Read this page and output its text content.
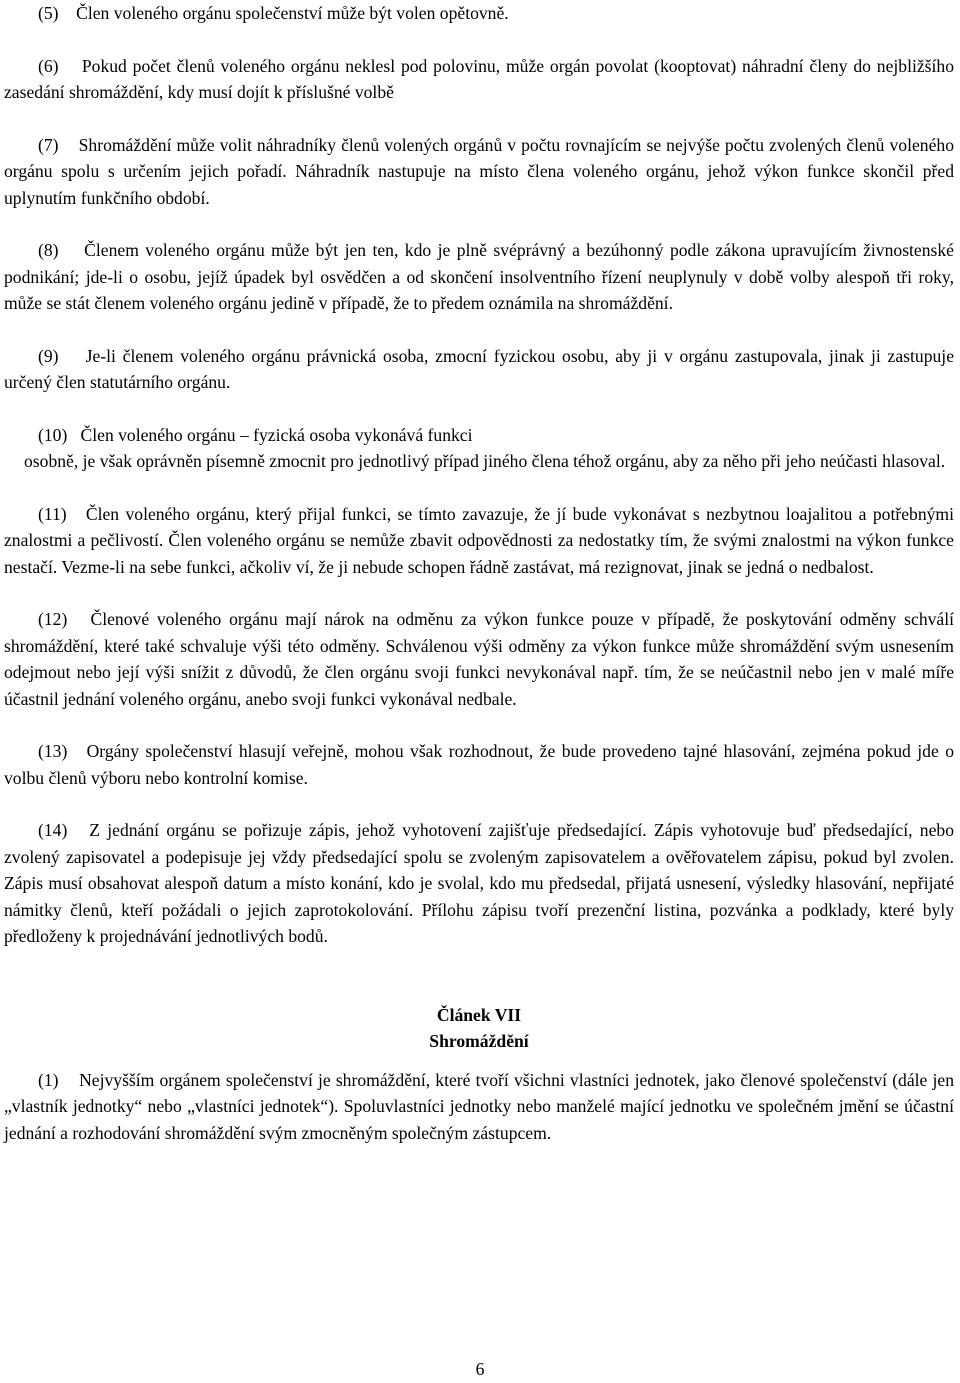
(5)    Člen voleného orgánu společenství může být volen opětovně.

(6)    Pokud počet členů voleného orgánu neklesl pod polovinu, může orgán povolat (kooptovat) náhradní členy do nejbližšího zasedání shromáždění, kdy musí dojít k příslušné volbě

(7)    Shromáždění může volit náhradníky členů volených orgánů v počtu rovnajícím se nejvýše počtu zvolených členů voleného orgánu spolu s určením jejich pořadí. Náhradník nastupuje na místo člena voleného orgánu, jehož výkon funkce skončil před uplynutím funkčního období.

(8)    Členem voleného orgánu může být jen ten, kdo je plně svéprávný a bezúhonný podle zákona upravujícím živnostenské podnikání; jde-li o osobu, jejíž úpadek byl osvědčen a od skončení insolventního řízení neuplynuly v době volby alespoň tři roky, může se stát členem voleného orgánu jedině v případě, že to předem oznámila na shromáždění.

(9)    Je-li členem voleného orgánu právnická osoba, zmocní fyzickou osobu, aby ji v orgánu zastupovala, jinak ji zastupuje určený člen statutárního orgánu.

(10)   Člen voleného orgánu – fyzická osoba vykonává funkci

osobně, je však oprávněn písemně zmocnit pro jednotlivý případ jiného člena téhož orgánu, aby za něho při jeho neúčasti hlasoval.

(11)   Člen voleného orgánu, který přijal funkci, se tímto zavazuje, že jí bude vykonávat s nezbytnou loajalitou a potřebnými znalostmi a pečlivostí. Člen voleného orgánu se nemůže zbavit odpovědnosti za nedostatky tím, že svými znalostmi na výkon funkce nestačí. Vezme-li na sebe funkci, ačkoliv ví, že ji nebude schopen řádně zastávat, má rezignovat, jinak se jedná o nedbalost.

(12)   Členové voleného orgánu mají nárok na odměnu za výkon funkce pouze v případě, že poskytování odměny schválí shromáždění, které také schvaluje výši této odměny. Schválenou výši odměny za výkon funkce může shromáždění svým usnesením odejmout nebo její výši snížit z důvodů, že člen orgánu svoji funkci nevykonával např. tím, že se neúčastnil nebo jen v malé míře účastnil jednání voleného orgánu, anebo svoji funkci vykonával nedbale.

(13)   Orgány společenství hlasují veřejně, mohou však rozhodnout, že bude provedeno tajné hlasování, zejména pokud jde o volbu členů výboru nebo kontrolní komise.

(14)   Z jednání orgánu se pořizuje zápis, jehož vyhotovení zajišťuje předsedající. Zápis vyhotovuje buď předsedající, nebo zvolený zapisovatel a podepisuje jej vždy předsedající spolu se zvoleným zapisovatelem a ověřovatelem zápisu, pokud byl zvolen. Zápis musí obsahovat alespoň datum a místo konání, kdo je svolal, kdo mu předsedal, přijatá usnesení, výsledky hlasování, nepřijaté námitky členů, kteří požádali o jejich zaprotokolování. Přílohu zápisu tvoří prezenční listina, pozvánka a podklady, které byly předloženy k projednávání jednotlivých bodů.

Článek VII

Shromáždění

(1)    Nejvyšším orgánem společenství je shromáždění, které tvoří všichni vlastníci jednotek, jako členové společenství (dále jen „vlastník jednotky“ nebo „vlastníci jednotek“). Spoluvlastníci jednotky nebo manželé mající jednotku ve společném jmění se účastní jednání a rozhodování shromáždění svým zmocněným společným zástupcem.

6
